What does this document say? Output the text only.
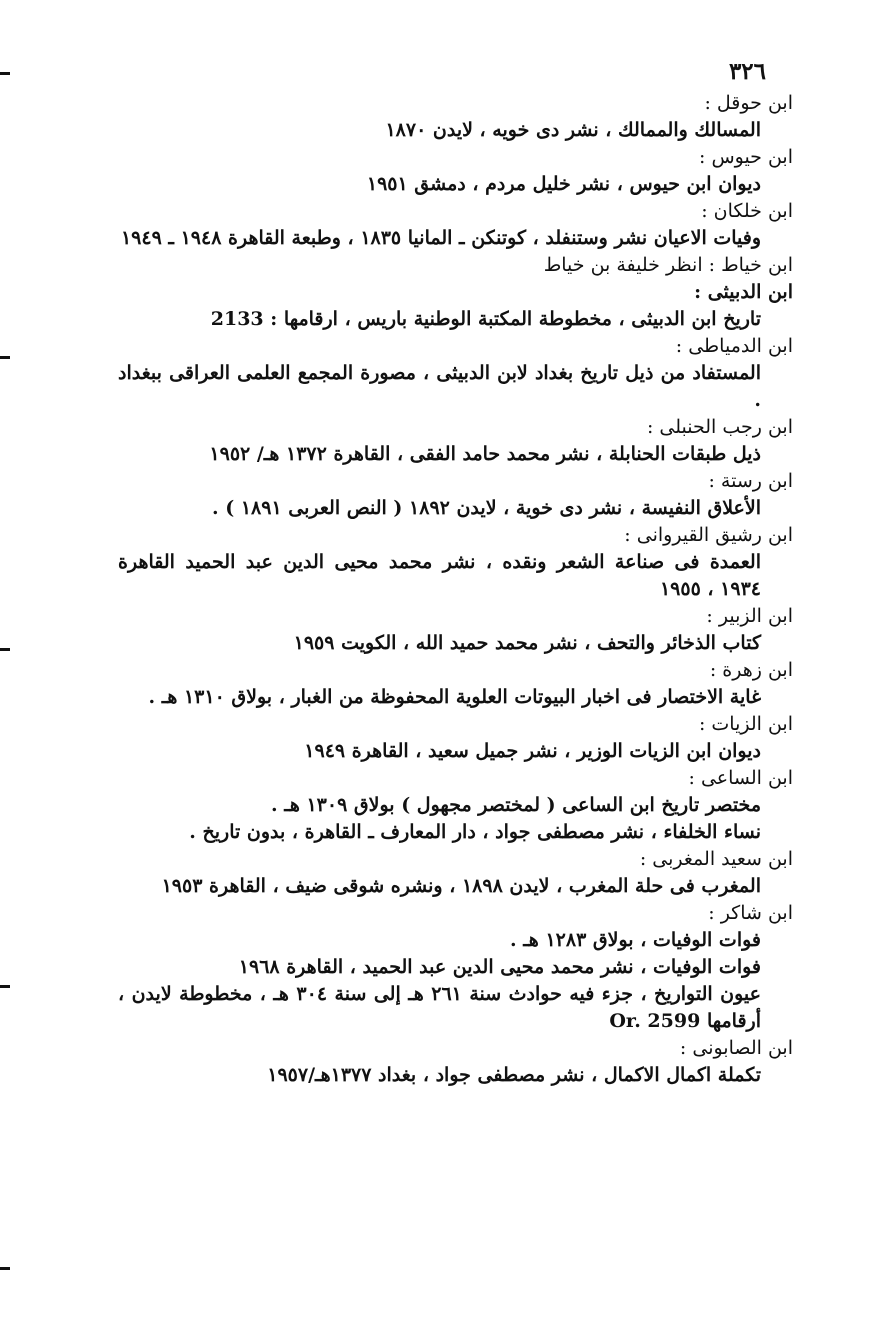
٣٢٦
ابن حوقل :
المسالك والممالك ، نشر دى خويه ، لايدن ١٨٧٠
ابن حيوس :
ديوان ابن حيوس ، نشر خليل مردم ، دمشق ١٩٥١
ابن خلكان :
وفيات الاعيان نشر وستنفلد ، كوتنكن ـ المانيا ١٨٣٥ ، وطبعة القاهرة ١٩٤٨ ـ ١٩٤٩
ابن خياط : انظر خليفة بن خياط
ابن الدبيثى :
تاريخ ابن الدبيثى ، مخطوطة المكتبة الوطنية باريس ، ارقامها : 2133
ابن الدمياطى :
المستفاد من ذيل تاريخ بغداد لابن الدبيثى ، مصورة المجمع العلمى العراقى ببغداد .
ابن رجب الحنبلى :
ذيل طبقات الحنابلة ، نشر محمد حامد الفقى ، القاهرة ١٣٧٢ هـ/ ١٩٥٢
ابن رستة :
الأعلاق النفيسة ، نشر دى خوية ، لايدن ١٨٩٢ ( النص العربى ١٨٩١ ) .
ابن رشيق القيروانى :
العمدة فى صناعة الشعر ونقده ، نشر محمد محيى الدين عبد الحميد القاهرة ١٩٣٤ ، ١٩٥٥
ابن الزبير :
كتاب الذخائر والتحف ، نشر محمد حميد الله ، الكويت ١٩٥٩
ابن زهرة :
غاية الاختصار فى اخبار البيوتات العلوية المحفوظة من الغبار ، بولاق ١٣١٠ هـ .
ابن الزيات :
ديوان ابن الزيات الوزير ، نشر جميل سعيد ، القاهرة ١٩٤٩
ابن الساعى :
مختصر تاريخ ابن الساعى ( لمختصر مجهول ) بولاق ١٣٠٩ هـ .
نساء الخلفاء ، نشر مصطفى جواد ، دار المعارف ـ القاهرة ، بدون تاريخ .
ابن سعيد المغربى :
المغرب فى حلة المغرب ، لايدن ١٨٩٨ ، ونشره شوقى ضيف ، القاهرة ١٩٥٣
ابن شاكر :
فوات الوفيات ، بولاق ١٢٨٣ هـ .
فوات الوفيات ، نشر محمد محيى الدين عبد الحميد ، القاهرة ١٩٦٨
عيون التواريخ ، جزء فيه حوادث سنة ٢٦١ هـ إلى سنة ٣٠٤ هـ ، مخطوطة لايدن ، أرقامها Or. 2599
ابن الصابونى :
تكملة اكمال الاكمال ، نشر مصطفى جواد ، بغداد ١٣٧٧هـ/١٩٥٧
